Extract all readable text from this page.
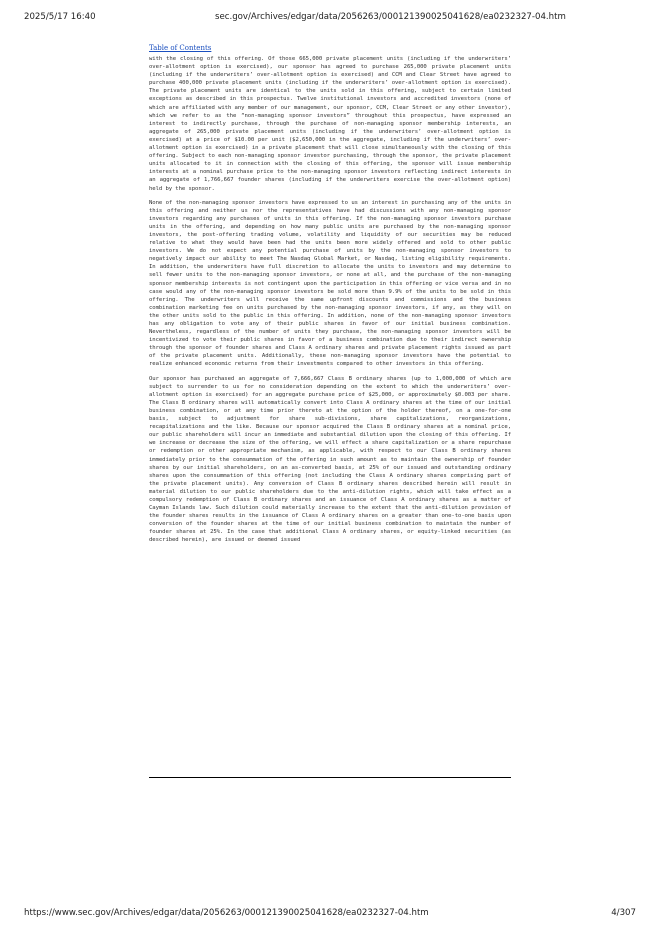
2025/5/17 16:40	sec.gov/Archives/edgar/data/2056263/000121390025041628/ea0232327-04.htm
Table of Contents

with the closing of this offering. Of those 665,000 private placement units (including if the underwriters’ over-allotment option is exercised), our sponsor has agreed to purchase 265,000 private placement units (including if the underwriters’ over-allotment option is exercised) and CCM and Clear Street have agreed to purchase 400,000 private placement units (including if the underwriters’ over-allotment option is exercised). The private placement units are identical to the units sold in this offering, subject to certain limited exceptions as described in this prospectus. Twelve institutional investors and accredited investors (none of which are affiliated with any member of our management, our sponsor, CCM, Clear Street or any other investor), which we refer to as the “non-managing sponsor investors” throughout this prospectus, have expressed an interest to indirectly purchase, through the purchase of non-managing sponsor membership interests, an aggregate of 265,000 private placement units (including if the underwriters’ over-allotment option is exercised) at a price of $10.00 per unit ($2,650,000 in the aggregate, including if the underwriters’ over-allotment option is exercised) in a private placement that will close simultaneously with the closing of this offering. Subject to each non-managing sponsor investor purchasing, through the sponsor, the private placement units allocated to it in connection with the closing of this offering, the sponsor will issue membership interests at a nominal purchase price to the non-managing sponsor investors reflecting indirect interests in an aggregate of 1,766,667 founder shares (including if the underwriters exercise the over-allotment option) held by the sponsor.

None of the non-managing sponsor investors have expressed to us an interest in purchasing any of the units in this offering and neither us nor the representatives have had discussions with any non-managing sponsor investors regarding any purchases of units in this offering. If the non-managing sponsor investors purchase units in the offering, and depending on how many public units are purchased by the non-managing sponsor investors, the post-offering trading volume, volatility and liquidity of our securities may be reduced relative to what they would have been had the units been more widely offered and sold to other public investors. We do not expect any potential purchase of units by the non-managing sponsor investors to negatively impact our ability to meet The Nasdaq Global Market, or Nasdaq, listing eligibility requirements. In addition, the underwriters have full discretion to allocate the units to investors and may determine to sell fewer units to the non-managing sponsor investors, or none at all, and the purchase of the non-managing sponsor membership interests is not contingent upon the participation in this offering or vice versa and in no case would any of the non-managing sponsor investors be sold more than 9.9% of the units to be sold in this offering. The underwriters will receive the same upfront discounts and commissions and the business combination marketing fee on units purchased by the non-managing sponsor investors, if any, as they will on the other units sold to the public in this offering. In addition, none of the non-managing sponsor investors has any obligation to vote any of their public shares in favor of our initial business combination. Nevertheless, regardless of the number of units they purchase, the non-managing sponsor investors will be incentivized to vote their public shares in favor of a business combination due to their indirect ownership through the sponsor of founder shares and Class A ordinary shares and private placement rights issued as part of the private placement units. Additionally, these non-managing sponsor investors have the potential to realize enhanced economic returns from their investments compared to other investors in this offering.

Our sponsor has purchased an aggregate of 7,666,667 Class B ordinary shares (up to 1,000,000 of which are subject to surrender to us for no consideration depending on the extent to which the underwriters’ over-allotment option is exercised) for an aggregate purchase price of $25,000, or approximately $0.003 per share. The Class B ordinary shares will automatically convert into Class A ordinary shares at the time of our initial business combination, or at any time prior thereto at the option of the holder thereof, on a one-for-one basis, subject to adjustment for share sub-divisions, share capitalizations, reorganizations, recapitalizations and the like. Because our sponsor acquired the Class B ordinary shares at a nominal price, our public shareholders will incur an immediate and substantial dilution upon the closing of this offering. If we increase or decrease the size of the offering, we will effect a share capitalization or a share repurchase or redemption or other appropriate mechanism, as applicable, with respect to our Class B ordinary shares immediately prior to the consummation of the offering in such amount as to maintain the ownership of founder shares by our initial shareholders, on an as-converted basis, at 25% of our issued and outstanding ordinary shares upon the consummation of this offering (not including the Class A ordinary shares comprising part of the private placement units). Any conversion of Class B ordinary shares described herein will result in material dilution to our public shareholders due to the anti-dilution rights, which will take effect as a compulsory redemption of Class B ordinary shares and an issuance of Class A ordinary shares as a matter of Cayman Islands law. Such dilution could materially increase to the extent that the anti-dilution provision of the founder shares results in the issuance of Class A ordinary shares on a greater than one-to-one basis upon conversion of the founder shares at the time of our initial business combination to maintain the number of founder shares at 25%. In the case that additional Class A ordinary shares, or equity-linked securities (as described herein), are issued or deemed issued

https://www.sec.gov/Archives/edgar/data/2056263/000121390025041628/ea0232327-04.htm	4/307
